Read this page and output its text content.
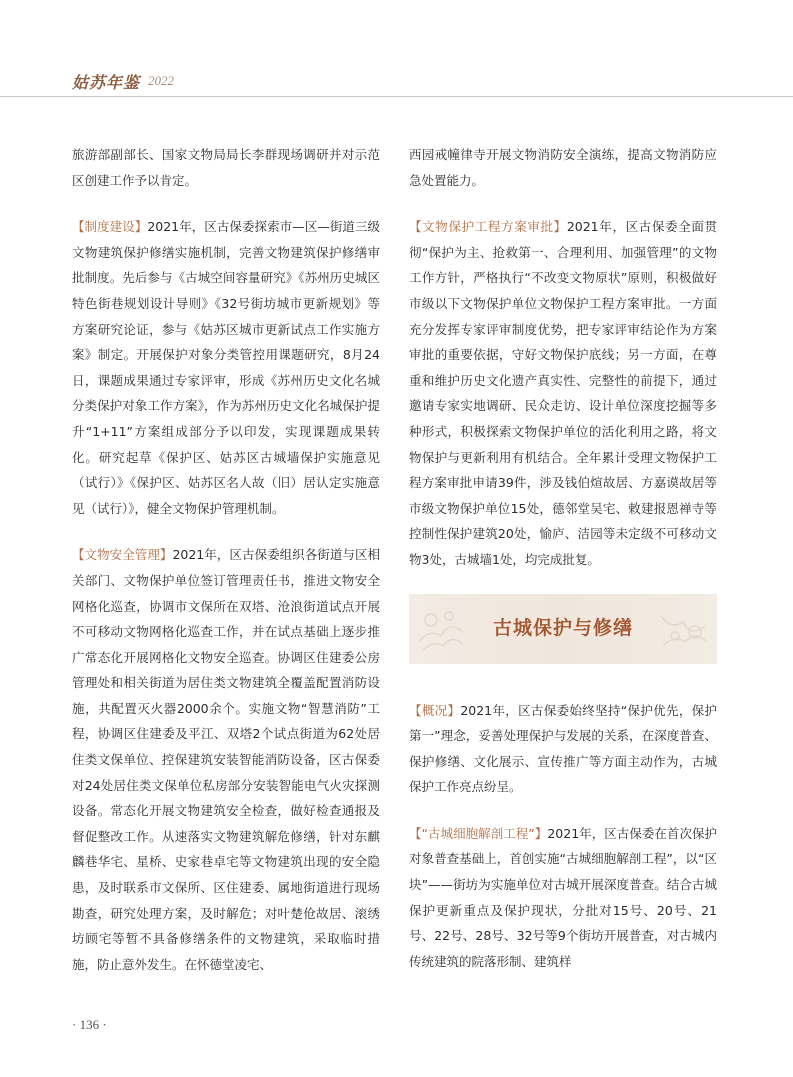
姑苏年鉴 2022

旅游部副部长、国家文物局局长李群现场调研并对示范区创建工作予以肯定。

【制度建设】2021年，区古保委探索市—区—街道三级文物建筑保护修缮实施机制，完善文物建筑保护修缮审批制度。先后参与《古城空间容量研究》《苏州历史城区特色街巷规划设计导则》《32号街坊城市更新规划》等方案研究论证，参与《姑苏区城市更新试点工作实施方案》制定。开展保护对象分类管控用课题研究，8月24日，课题成果通过专家评审，形成《苏州历史文化名城分类保护对象工作方案》，作为苏州历史文化名城保护提升“1+11”方案组成部分予以印发，实现课题成果转化。研究起草《保护区、姑苏区古城墙保护实施意见（试行）》《保护区、姑苏区名人故（旧）居认定实施意见（试行）》，健全文物保护管理机制。

【文物安全管理】2021年，区古保委组织各街道与区相关部门、文物保护单位签订管理责任书，推进文物安全网格化巡查，协调市文保所在双塔、沧浪街道试点开展不可移动文物网格化巡查工作，并在试点基础上逐步推广常态化开展网格化文物安全巡查。协调区住建委公房管理处和相关街道为居住类文物建筑全覆盖配置消防设施，共配置灭火器2000余个。实施文物“智慧消防”工程，协调区住建委及平江、双塔2个试点街道为62处居住类文保单位、控保建筑安装智能消防设备，区古保委对24处居住类文保单位私房部分安装智能电气火灾探测设备。常态化开展文物建筑安全检查，做好检查通报及督促整改工作。从速落实文物建筑解危修缮，针对东麒麟巷华宅、星桥、史家巷卓宅等文物建筑出现的安全隐患，及时联系市文保所、区住建委、属地街道进行现场勘查，研究处理方案，及时解危；对叶楚伧故居、滚绣坊顾宅等暂不具备修缮条件的文物建筑，采取临时措施，防止意外发生。在怀德堂凌宅、

西园戒幢律寺开展文物消防安全演练，提高文物消防应急处置能力。

【文物保护工程方案审批】2021年，区古保委全面贯彻“保护为主、抢救第一、合理利用、加强管理”的文物工作方针，严格执行“不改变文物原状”原则，积极做好市级以下文物保护单位文物保护工程方案审批。一方面充分发挥专家评审制度优势，把专家评审结论作为方案审批的重要依据，守好文物保护底线；另一方面，在尊重和维护历史文化遗产真实性、完整性的前提下，通过邀请专家实地调研、民众走访、设计单位深度挖掘等多种形式，积极探索文物保护单位的活化利用之路，将文物保护与更新利用有机结合。全年累计受理文物保护工程方案审批申请39件，涉及钱伯煊故居、方嘉谟故居等市级文物保护单位15处，德邻堂吴宅、敕建报恩禅寺等控制性保护建筑20处，愉庐、洁园等未定级不可移动文物3处，古城墙1处，均完成批复。

古城保护与修缮

【概况】2021年，区古保委始终坚持“保护优先，保护第一”理念，妥善处理保护与发展的关系，在深度普查、保护修缮、文化展示、宣传推广等方面主动作为，古城保护工作亮点纷呈。

【“古城细胞解剖工程”】2021年，区古保委在首次保护对象普查基础上，首创实施“古城细胞解剖工程”，以“区块”——街坊为实施单位对古城开展深度普查。结合古城保护更新重点及保护现状，分批对15号、20号、21号、22号、28号、32号等9个街坊开展普查，对古城内传统建筑的院落形制、建筑样

· 136 ·
